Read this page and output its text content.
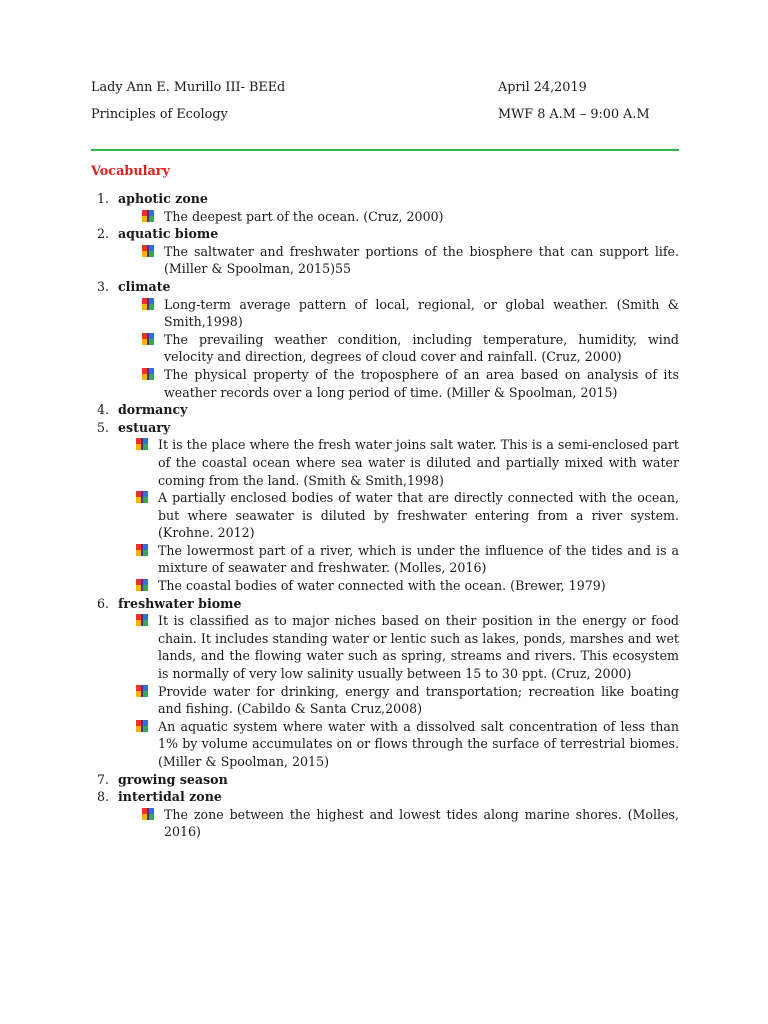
Lady Ann E. Murillo III- BEEd	April 24,2019
Principles of Ecology	MWF 8 A.M – 9:00 A.M
Vocabulary
1. aphotic zone
The deepest part of the ocean. (Cruz, 2000)
2. aquatic biome
The saltwater and freshwater portions of the biosphere that can support life. (Miller & Spoolman, 2015)55
3. climate
Long-term average pattern of local, regional, or global weather. (Smith & Smith,1998)
The prevailing weather condition, including temperature, humidity, wind velocity and direction, degrees of cloud cover and rainfall. (Cruz, 2000)
The physical property of the troposphere of an area based on analysis of its weather records over a long period of time. (Miller & Spoolman, 2015)
4. dormancy
5. estuary
It is the place where the fresh water joins salt water. This is a semi-enclosed part of the coastal ocean where sea water is diluted and partially mixed with water coming from the land. (Smith & Smith,1998)
A partially enclosed bodies of water that are directly connected with the ocean, but where seawater is diluted by freshwater entering from a river system. (Krohne. 2012)
The lowermost part of a river, which is under the influence of the tides and is a mixture of seawater and freshwater. (Molles, 2016)
The coastal bodies of water connected with the ocean. (Brewer, 1979)
6. freshwater biome
It is classified as to major niches based on their position in the energy or food chain. It includes standing water or lentic such as lakes, ponds, marshes and wet lands, and the flowing water such as spring, streams and rivers. This ecosystem is normally of very low salinity usually between 15 to 30 ppt. (Cruz, 2000)
Provide water for drinking, energy and transportation; recreation like boating and fishing. (Cabildo & Santa Cruz,2008)
An aquatic system where water with a dissolved salt concentration of less than 1% by volume accumulates on or flows through the surface of terrestrial biomes. (Miller & Spoolman, 2015)
7. growing season
8. intertidal zone
The zone between the highest and lowest tides along marine shores. (Molles, 2016)
